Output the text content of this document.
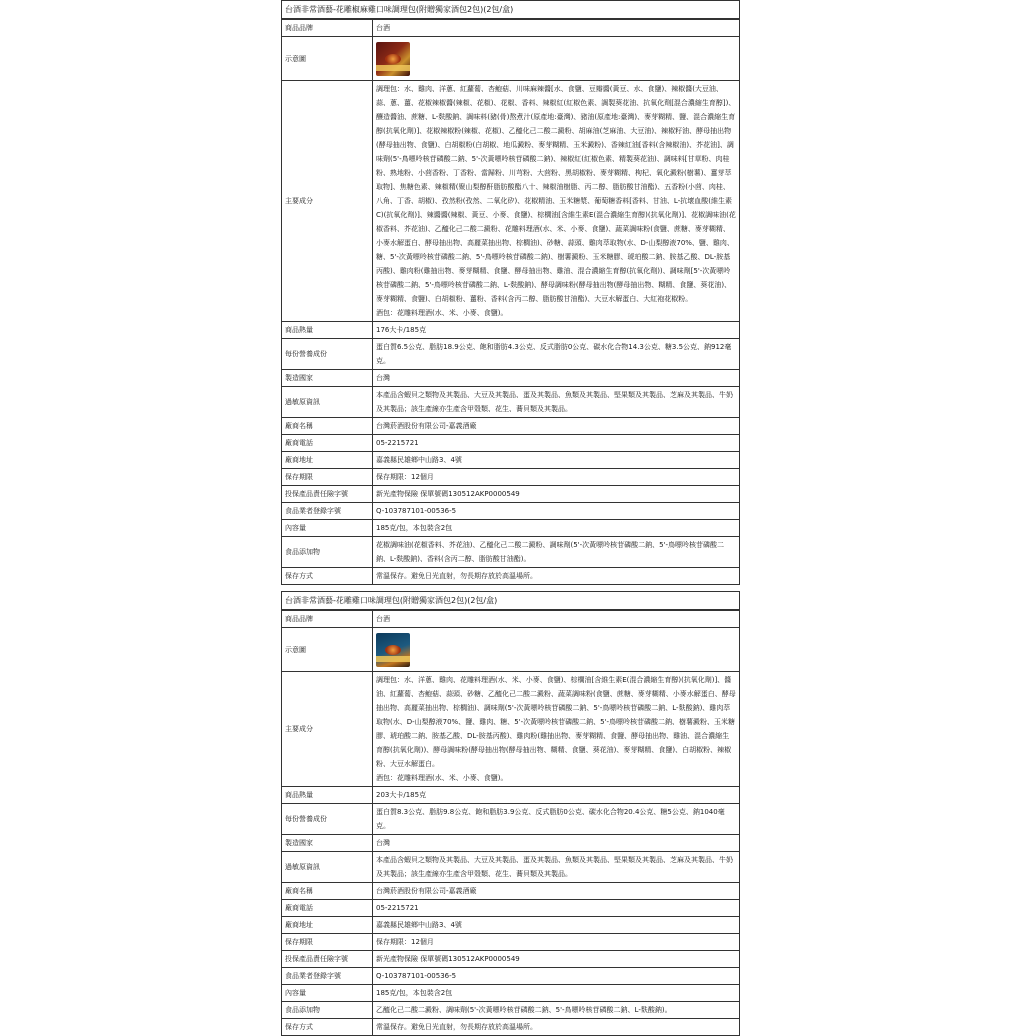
台酒非常酒藝-花雕椒麻雞口味調理包(附贈獨家酒包2包)(2包/盒)
商品品牌	台酒
示意圖	

主要成分	調理包：水、雞肉、洋蔥、紅蘿蔔、杏鮑菇、川味麻辣醬[水、食鹽、豆瓣醬(黃豆、水、食鹽)、辣椒醬(大豆油、蒜、蔥、薑、花椒辣椒醬(辣椒、花椒)、花椒、香料、辣椒紅(紅椒色素、調製葵花油、抗氧化劑[混合濃縮生育醇])、釀造醬油、蔗糖、L-麩酸鈉、調味料(豬(骨)熬煮汁(原產地:臺灣)、豬油(原產地:臺灣)、麥芽糊精、鹽、混合濃縮生育醇(抗氧化劑)]、花椒辣椒粉(辣椒、花椒)、乙醯化己二酸二澱粉、胡麻油(芝麻油、大豆油)、辣椒籽油、酵母抽出物(酵母抽出物、食鹽)、白胡椒粉(白胡椒、地瓜澱粉、麥芽糊精、玉米澱粉)、香辣紅油[香料(含辣椒油)、芥花油]、調味劑(5'-鳥嘌呤核苷磷酸二鈉、5'-次黃嘌呤核苷磷酸二鈉)、辣椒紅(紅椒色素、精製葵花油)、調味料[甘草粉、肉桂粉、熟地粉、小茴香粉、丁香粉、當歸粉、川芎粉、大茴粉、黑胡椒粉、麥芽糊精、枸杞、氧化澱粉(樹薯)、薑芽萃取物]、焦糖色素、辣椒精(聚山梨醇酐脂肪酸酯八十、辣椒油樹脂、丙二醇、脂肪酸甘油酯)、五香粉(小茴、肉桂、八角、丁香、胡椒)、孜然粉(孜然、二氧化矽)、花椒精油、玉米糖漿、葡萄糖香料[香料、甘油、L-抗壞血酸(維生素C)(抗氧化劑)]、辣醬醬(辣椒、黃豆、小麥、食鹽)、棕櫚油[含維生素E(混合濃縮生育醇)(抗氧化劑)]、花椒調味油(花椒香料、芥花油)、乙醯化己二酸二澱粉、花雕料理酒(水、米、小麥、食鹽)、蔬菜調味粉(食鹽、蔗糖、麥芽糊精、小麥水解蛋白、酵母抽出物、高麗菜抽出物、棕櫚油)、砂糖、蒜頭、雞肉萃取物(水、D-山梨醇液70%、鹽、雞肉、糖、5'-次黃嘌呤核苷磷酸二鈉、5'-鳥嘌呤核苷磷酸二鈉)、樹薯澱粉、玉米糖膠、琥珀酸二鈉、胺基乙酸、DL-胺基丙酸)、雞肉粉(雞抽出物、麥芽糊精、食鹽、酵母抽出物、雞油、混合濃縮生育醇(抗氧化劑))、調味劑[5'-次黃嘌呤核苷磷酸二鈉、5'-鳥嘌呤核苷磷酸二鈉、L-麩酸鈉)、酵母調味粉(酵母抽出物(酵母抽出物、糊精、食鹽、葵花油)、麥芽糊精、食鹽)、白胡椒粉、薑粉、香料(含丙二醇、脂肪酸甘油酯)、大豆水解蛋白、大紅袍花椒粉。
酒包：花雕料理酒(水、米、小麥、食鹽)。
商品熱量	176大卡/185克
每份營養成份	蛋白質6.5公克、脂肪18.9公克、飽和脂肪4.3公克、反式脂肪0公克、碳水化合物14.3公克、糖3.5公克、鈉912毫克。
製造國家	台灣
過敏原資訊	本產品含蝦貝之類物及其製品、大豆及其製品、蛋及其製品、魚類及其製品、堅果類及其製品、芝麻及其製品、牛奶及其製品；該生產線亦生產含甲殼類、花生、蕎貝類及其製品。
廠商名稱	台灣菸酒股份有限公司-嘉義酒廠
廠商電話	05-2215721
廠商地址	嘉義縣民雄鄉中山路3、4號
保存期限	保存期限：12個月
投保產品責任險字號	新光產物保險 保單號碼130512AKP0000549
食品業者登錄字號	Q-103787101-00536-5
內容量	185克/包，本包裝含2包
食品添加物	花椒調味油(花椒香料、芥花油)、乙醯化己二酸二澱粉、調味劑(5'-次黃嘌呤核苷磷酸二鈉、5'-鳥嘌呤核苷磷酸二鈉、L-麩酸鈉)、香料(含丙二醇、脂肪酸甘油酯)。
保存方式	常溫保存。避免日光直射，勿長期存放於高溫場所。
台酒非常酒藝-花雕雞口味調理包(附贈獨家酒包2包)(2包/盒)
商品品牌	台酒
示意圖	

主要成分	調理包：水、洋蔥、雞肉、花雕料理酒(水、米、小麥、食鹽)、棕櫚油[含維生素E(混合濃縮生育醇)(抗氧化劑)]、醬油、紅蘿蔔、杏鮑菇、蒜頭、砂糖、乙醯化己二酸二澱粉、蔬菜調味粉(食鹽、蔗糖、麥芽糊精、小麥水解蛋白、酵母抽出物、高麗菜抽出物、棕櫚油)、調味劑(5'-次黃嘌呤核苷磷酸二鈉、5'-鳥嘌呤核苷磷酸二鈉、L-麩酸鈉)、雞肉萃取物(水、D-山梨醇液70%、鹽、雞肉、糖、5'-次黃嘌呤核苷磷酸二鈉、5'-鳥嘌呤核苷磷酸二鈉、樹薯澱粉、玉米糖膠、琥珀酸二鈉、胺基乙酸、DL-胺基丙酸)、雞肉粉(雞抽出物、麥芽糊精、食鹽、酵母抽出物、雞油、混合濃縮生育醇(抗氧化劑))、酵母調味粉(酵母抽出物(酵母抽出物、糊精、食鹽、葵花油)、麥芽糊精、食鹽)、白胡椒粉、辣椒粉、大豆水解蛋白。
酒包：花雕料理酒(水、米、小麥、食鹽)。
商品熱量	203大卡/185克
每份營養成份	蛋白質8.3公克、脂肪9.8公克、飽和脂肪3.9公克、反式脂肪0公克、碳水化合物20.4公克、糖5公克、鈉1040毫克。
製造國家	台灣
過敏原資訊	本產品含蝦貝之類物及其製品、大豆及其製品、蛋及其製品、魚類及其製品、堅果類及其製品、芝麻及其製品、牛奶及其製品；該生產線亦生產含甲殼類、花生、蕎貝類及其製品。
廠商名稱	台灣菸酒股份有限公司-嘉義酒廠
廠商電話	05-2215721
廠商地址	嘉義縣民雄鄉中山路3、4號
保存期限	保存期限：12個月
投保產品責任險字號	新光產物保險 保單號碼130512AKP0000549
食品業者登錄字號	Q-103787101-00536-5
內容量	185克/包，本包裝含2包
食品添加物	乙醯化己二酸二澱粉、調味劑(5'-次黃嘌呤核苷磷酸二鈉、5'-鳥嘌呤核苷磷酸二鈉、L-麩酸鈉)。
保存方式	常溫保存。避免日光直射，勿長期存放於高溫場所。
